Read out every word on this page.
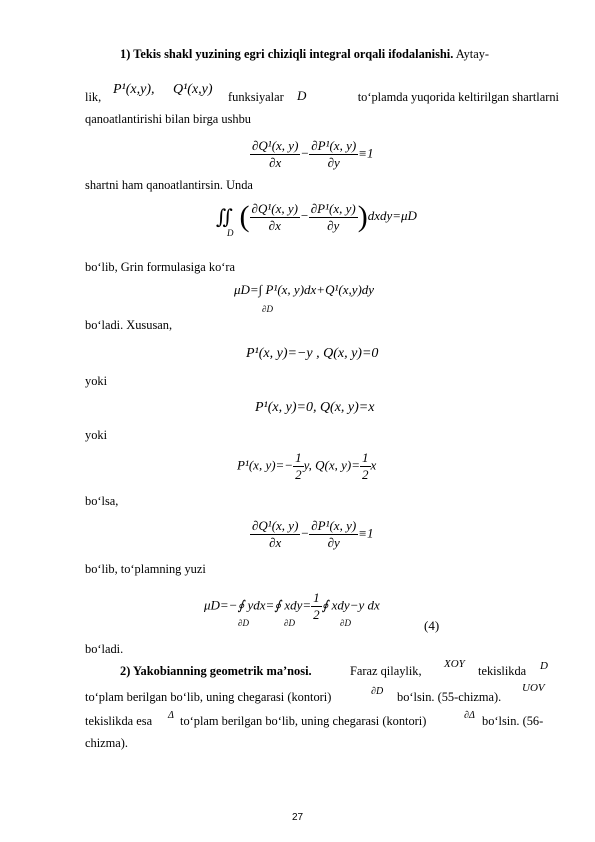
1) Tekis shakl yuzining egri chiziqli integral orqali ifodalanishi. Aytay-
lik, P¹(x,y), Q¹(x,y) funksiyalar D	to‘plamda yuqorida keltirilgan shartlarni
qanoatlantirishi bilan birga ushbu
$\frac{\text{∂Q¹(x, y)}}{\partial x} - \frac{\text{∂P¹(x, y)}}{\partial y} \equiv 1$
shartni ham qanoatlantirsin. Unda
$∬_D$ ( $\frac{\text{∂Q¹(x, y)}}{\partial x} - \frac{\text{∂P¹(x, y)}}{\partial y}$ )dxdy=μD
bo‘lib, Grin formulasiga ko‘ra
μD=∫ P¹(x, y)dx+Q¹(x,y)dy
∂D
bo‘ladi. Xususan,
P¹(x, y)=−y , Q(x, y)=0
yoki
P¹(x, y)=0, Q(x, y)=x
yoki
P¹(x, $y)=- \frac{1}{2} y$, Q(x, $y)= \frac{1}{2}$ x
bo‘lsa,
$\frac{\text{∂Q¹(x, y)}}{\partial x} - \frac{\text{∂P¹(x, y)}}{\partial y} \equiv 1$
bo‘lib, to‘plamning yuzi
μD=−∮ ydx=∮ $xdy= \frac{1}{2}$ ∮ xdy−y dx
∂D	∂D	∂D	(4)
bo‘ladi.
2) Yakobianning geometrik ma’nosi.	Faraz qilaylik, XOY tekislikda D
to‘plam berilgan bo‘lib, uning chegarasi (kontori)	∂D bo‘lsin. (55-chizma).
UOV
tekislikda esa Δ to‘plam berilgan bo‘lib, uning chegarasi (kontori)	∂Δ bo‘lsin. (56-
chizma).
27
